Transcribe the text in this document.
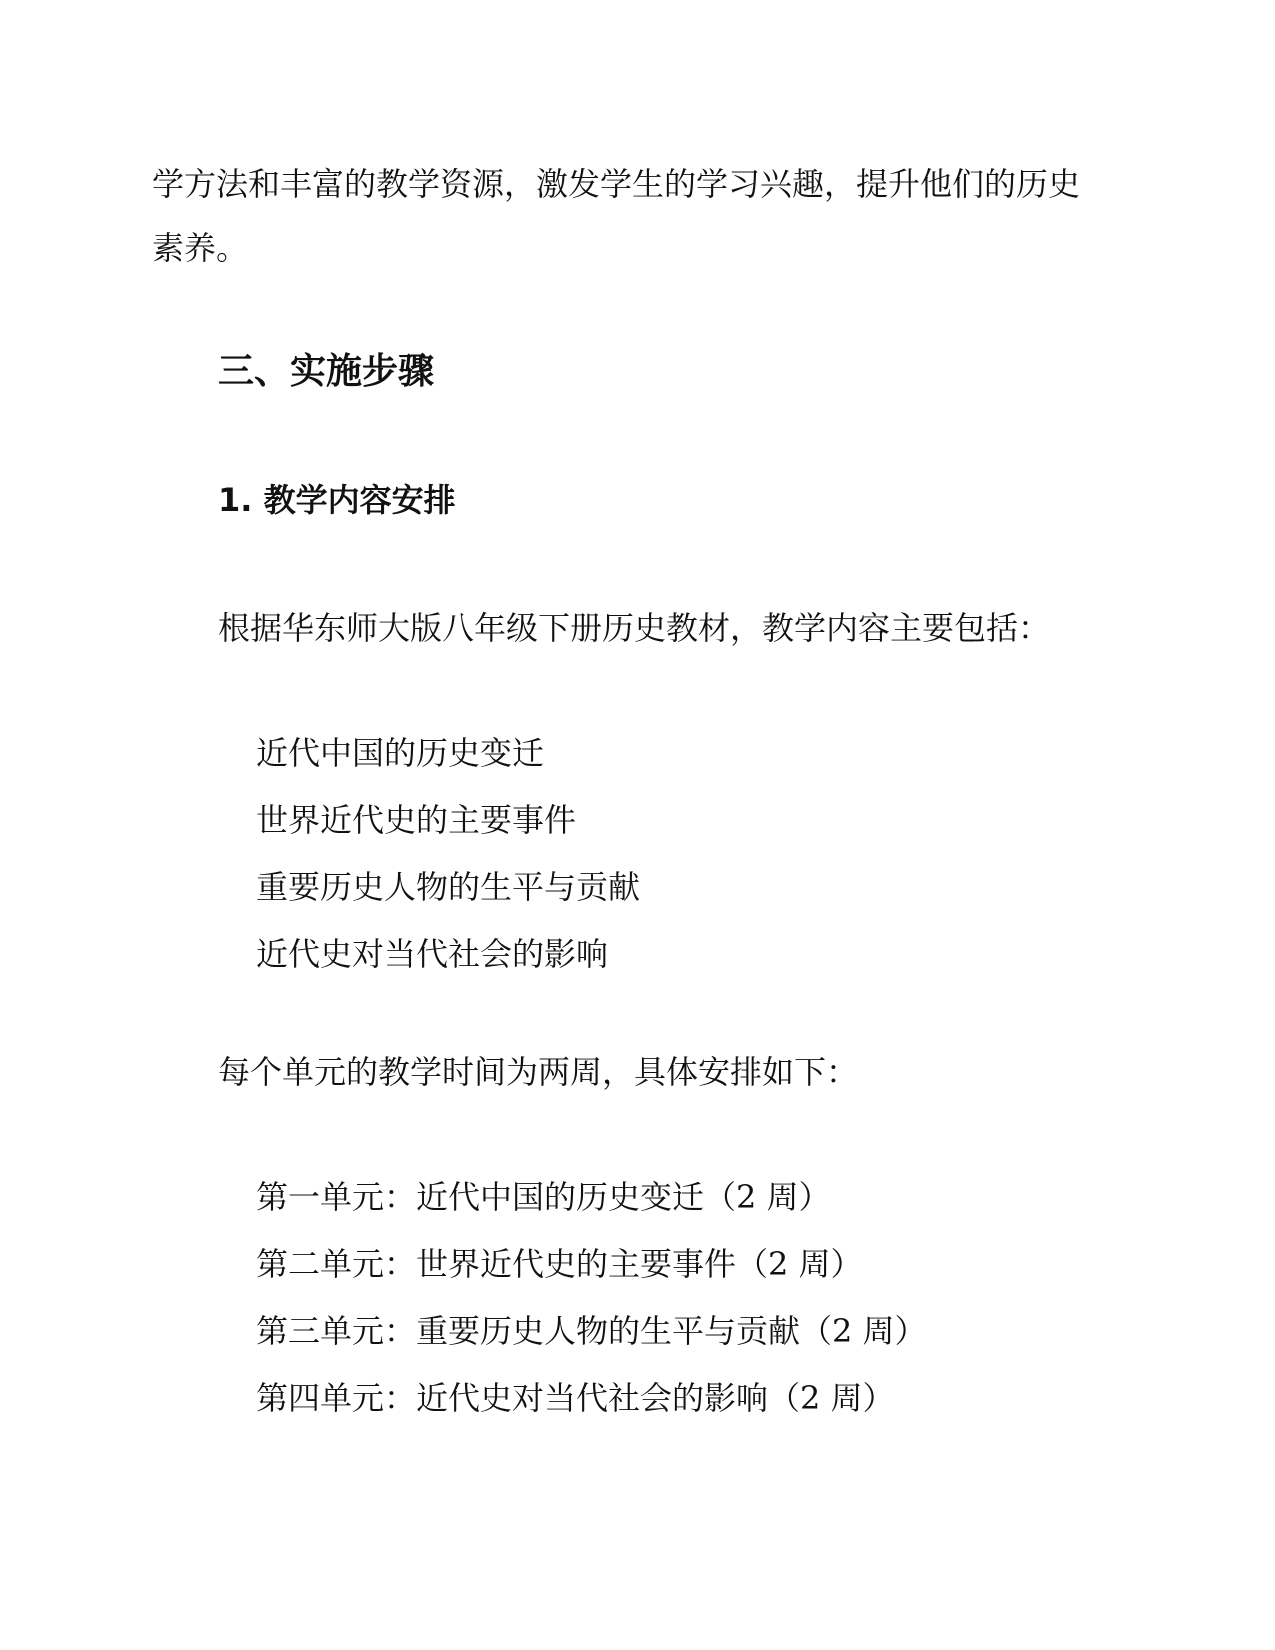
学方法和丰富的教学资源，激发学生的学习兴趣，提升他们的历史
素养。
三、实施步骤
1. 教学内容安排
根据华东师大版八年级下册历史教材，教学内容主要包括：
近代中国的历史变迁
世界近代史的主要事件
重要历史人物的生平与贡献
近代史对当代社会的影响
每个单元的教学时间为两周，具体安排如下：
第一单元：近代中国的历史变迁（2 周）
第二单元：世界近代史的主要事件（2 周）
第三单元：重要历史人物的生平与贡献（2 周）
第四单元：近代史对当代社会的影响（2 周）
